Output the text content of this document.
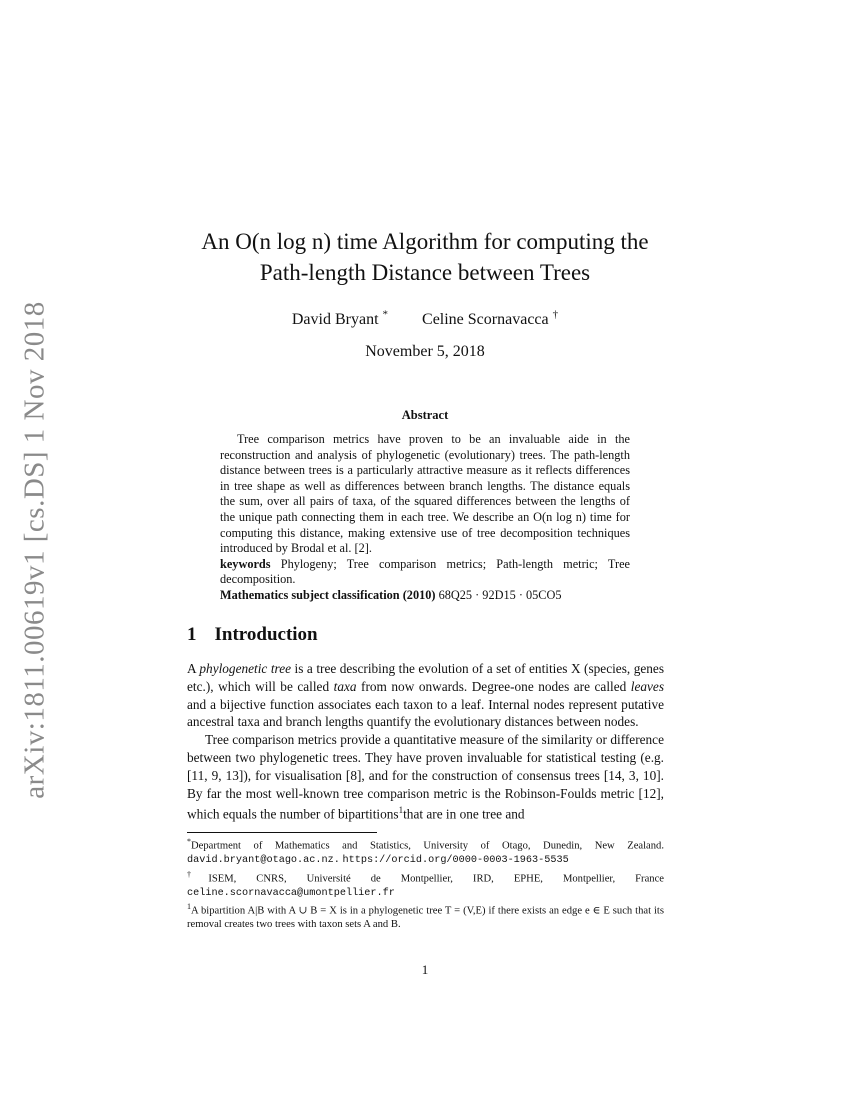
arXiv:1811.00619v1 [cs.DS] 1 Nov 2018
An O(n log n) time Algorithm for computing the
Path-length Distance between Trees
David Bryant * Celine Scornavacca †
November 5, 2018
Abstract

Tree comparison metrics have proven to be an invaluable aide in the reconstruction and analysis of phylogenetic (evolutionary) trees. The path-length distance between trees is a particularly attractive measure as it reflects differences in tree shape as well as differences between branch lengths. The distance equals the sum, over all pairs of taxa, of the squared differences between the lengths of the unique path connecting them in each tree. We describe an O(n log n) time for computing this distance, making extensive use of tree decomposition techniques introduced by Brodal et al. [2].

keywords Phylogeny; Tree comparison metrics; Path-length metric; Tree decomposition.

Mathematics subject classification (2010) 68Q25 · 92D15 · 05CO5

1 Introduction

A phylogenetic tree is a tree describing the evolution of a set of entities X (species, genes etc.), which will be called taxa from now onwards. Degree-one nodes are called leaves and a bijective function associates each taxon to a leaf. Internal nodes represent putative ancestral taxa and branch lengths quantify the evolutionary distances between nodes.

Tree comparison metrics provide a quantitative measure of the similarity or difference between two phylogenetic trees. They have proven invaluable for statistical testing (e.g. [11, 9, 13]), for visualisation [8], and for the construction of consensus trees [14, 3, 10]. By far the most well-known tree comparison metric is the Robinson-Foulds metric [12], which equals the number of bipartitions$^1$that are in one tree and

*Department of Mathematics and Statistics, University of Otago, Dunedin, New Zealand. david.bryant@otago.ac.nz. https://orcid.org/0000-0003-1963-5535

†ISEM, CNRS, Université de Montpellier, IRD, EPHE, Montpellier, France celine.scornavacca@umontpellier.fr

$^1$A bipartition A|B with A ∪ B = X is in a phylogenetic tree T = (V,E) if there exists an edge e ∈ E such that its removal creates two trees with taxon sets A and B.

1
